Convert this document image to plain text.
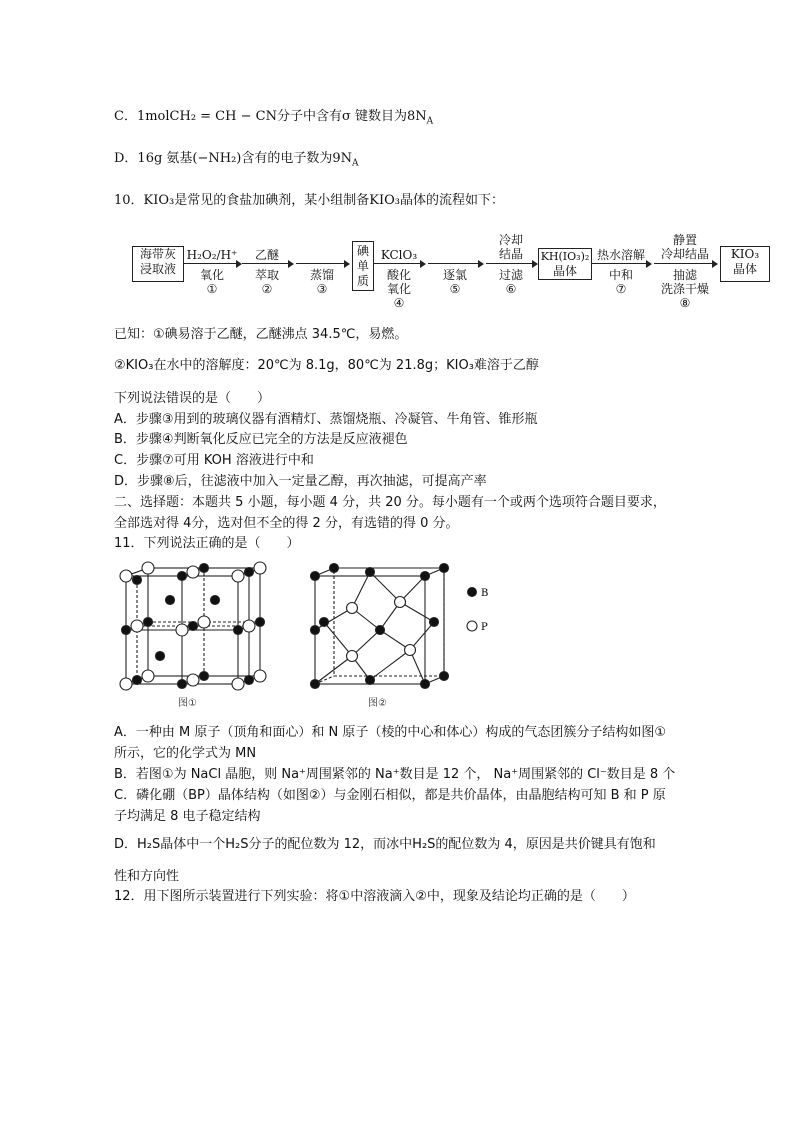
C．1molCH₂ = CH − CN分子中含有σ 键数目为$8N_A$
D．16g 氨基(−NH₂)含有的电子数为$9N_A$
10．KIO₃是常见的食盐加碘剂，某小组制备KIO₃晶体的流程如下：
海带灰
浸取液
H₂O₂/H⁺
氧化
①
乙醚
萃取
②
蒸馏
③
碘
单
质
KClO₃
酸化
氧化
④
逐氯
⑤
冷却
结晶
过滤
⑥
KH(IO₃)₂
晶体
热水溶解
中和
⑦
静置
冷却结晶
抽滤
洗涤干燥
⑧
KIO₃
晶体
已知：①碘易溶于乙醚，乙醚沸点 34.5℃，易燃。
②KIO₃在水中的溶解度：20℃为 8.1g，80℃为 21.8g；KIO₃难溶于乙醇
下列说法错误的是（　　）
A．步骤③用到的玻璃仪器有酒精灯、蒸馏烧瓶、冷凝管、牛角管、锥形瓶
B．步骤④判断氧化反应已完全的方法是反应液褪色
C．步骤⑦可用 KOH 溶液进行中和
D．步骤⑧后，往滤液中加入一定量乙醇，再次抽滤，可提高产率
二、选择题：本题共 5 小题，每小题 4 分，共 20 分。每小题有一个或两个选项符合题目要求，
全部选对得 4分，选对但不全的得 2 分，有选错的得 0 分。
11．下列说法正确的是（　　）
图①	图②
B
P
A．一种由 M 原子（顶角和面心）和 N 原子（棱的中心和体心）构成的气态团簇分子结构如图①
所示，它的化学式为 MN
B．若图①为 NaCl 晶胞，则 Na⁺周围紧邻的 Na⁺数目是 12 个， Na⁺周围紧邻的 Cl⁻数目是 8 个
C．磷化硼（BP）晶体结构（如图②）与金刚石相似，都是共价晶体，由晶胞结构可知 B 和 P 原
子均满足 8 电子稳定结构
D．H₂S晶体中一个H₂S分子的配位数为 12，而冰中H₂S的配位数为 4，原因是共价键具有饱和
性和方向性
12．用下图所示装置进行下列实验：将①中溶液滴入②中，现象及结论均正确的是（　　）
